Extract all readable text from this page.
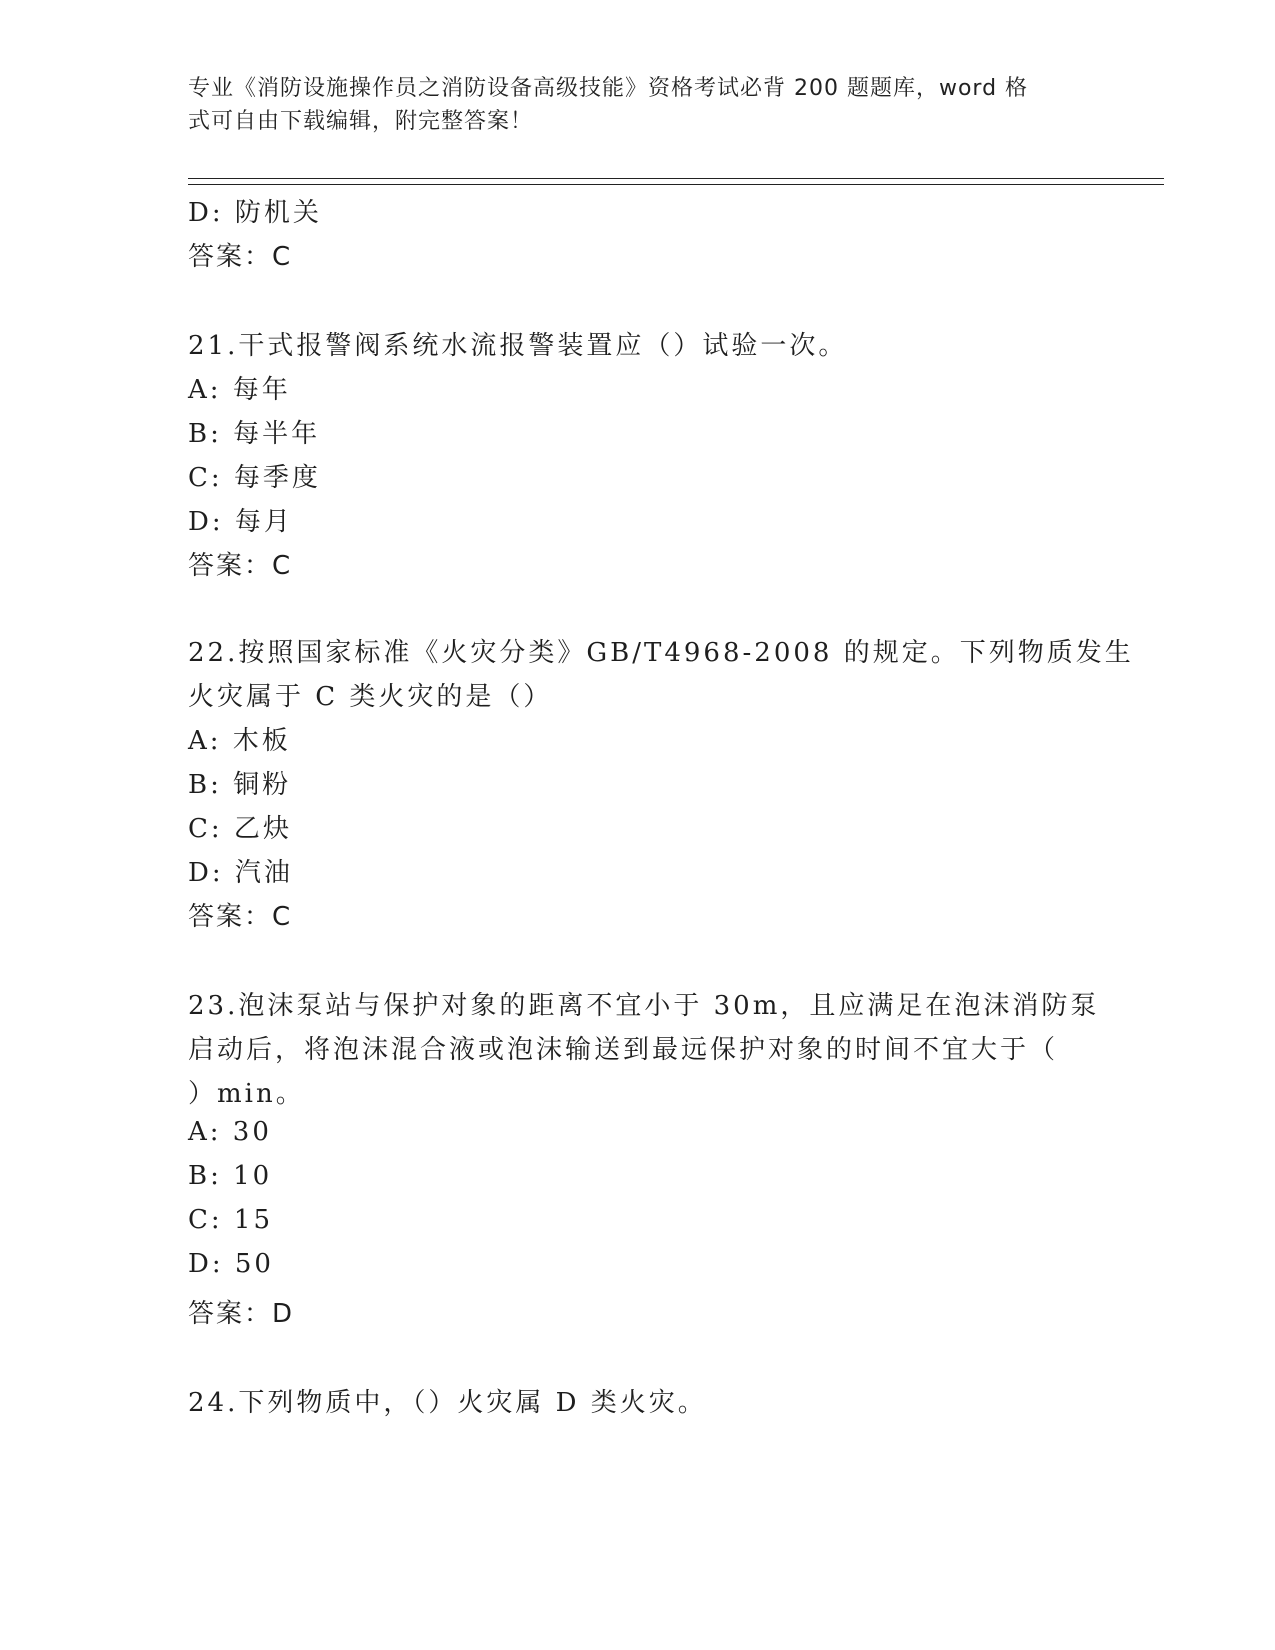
专业《消防设施操作员之消防设备高级技能》资格考试必背 200 题题库，word 格
式可自由下载编辑，附完整答案！
D: 防机关
答案：C
21.干式报警阀系统水流报警装置应（）试验一次。
A: 每年
B: 每半年
C: 每季度
D: 每月
答案：C
22.按照国家标准《火灾分类》GB/T4968-2008 的规定。下列物质发生
火灾属于 C 类火灾的是（）
A: 木板
B: 铜粉
C: 乙炔
D: 汽油
答案：C
23.泡沫泵站与保护对象的距离不宜小于 30m，且应满足在泡沫消防泵
启动后，将泡沫混合液或泡沫输送到最远保护对象的时间不宜大于（
）min。
A: 30
B: 10
C: 15
D: 50
答案：D
24.下列物质中，（）火灾属 D 类火灾。
